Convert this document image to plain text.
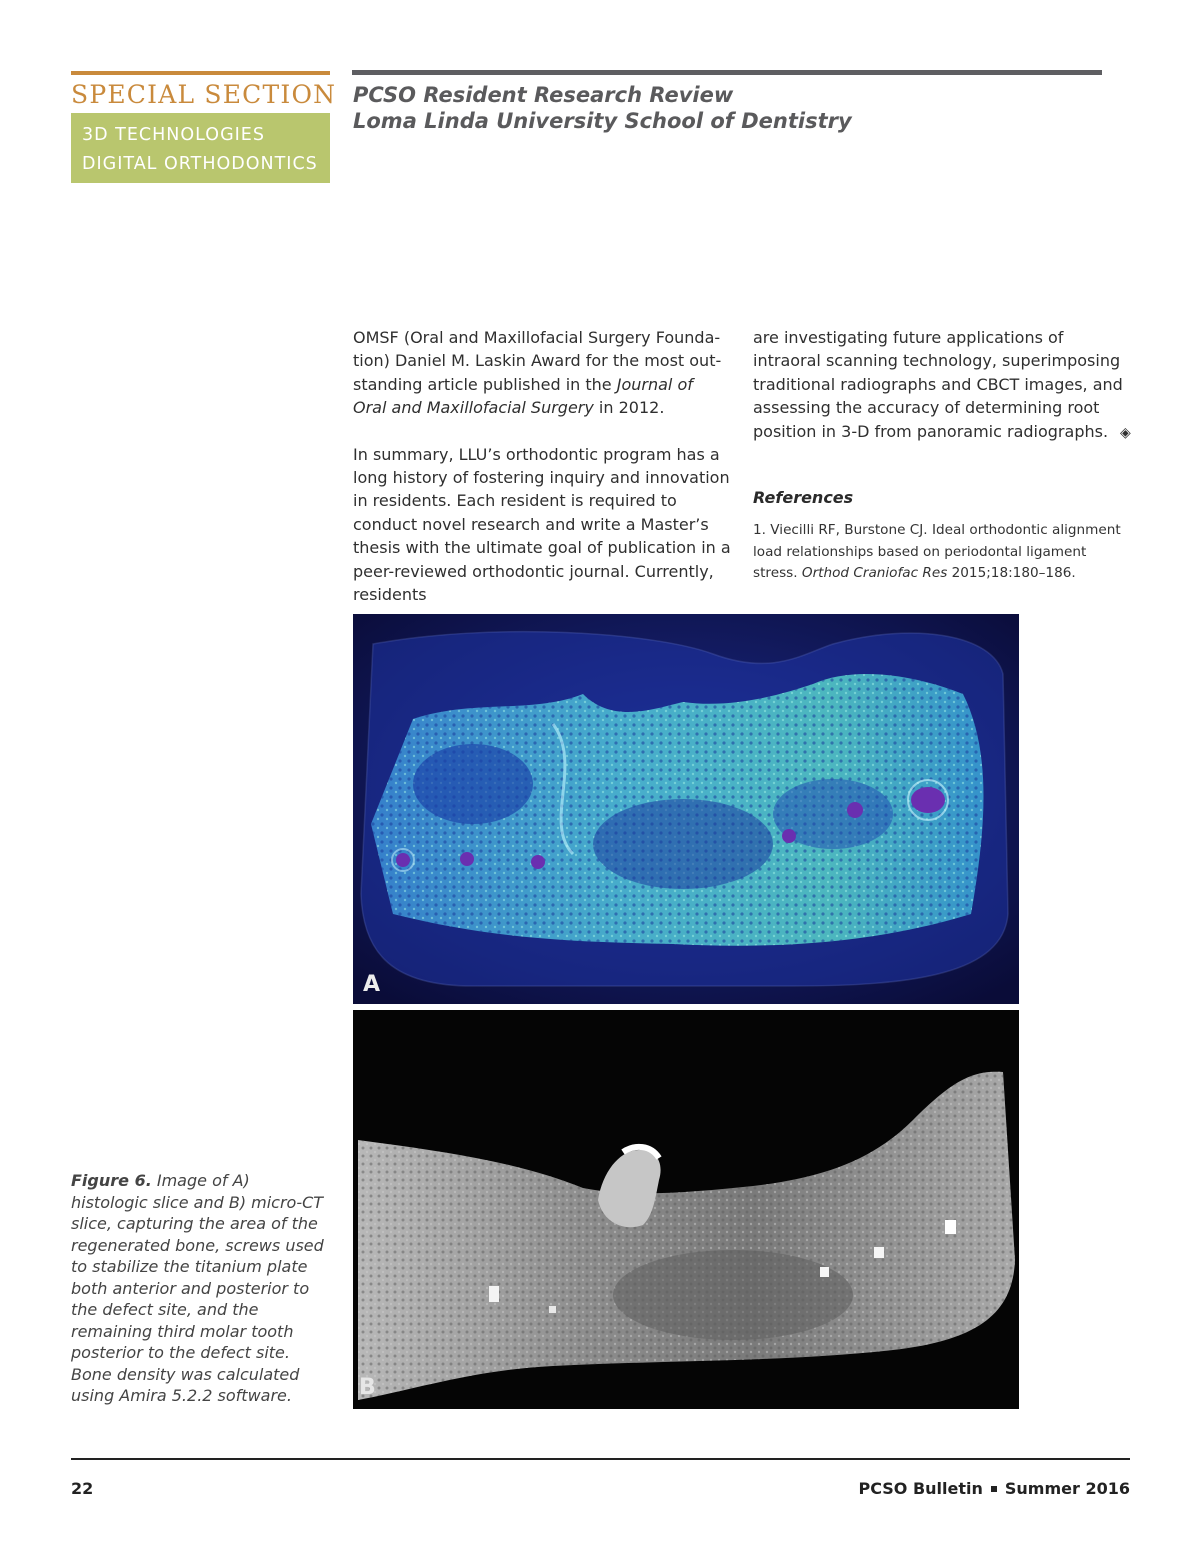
SPECIAL SECTION
3D TECHNOLOGIES
DIGITAL ORTHODONTICS
PCSO Resident Research Review
Loma Linda University School of Dentistry

OMSF (Oral and Maxillofacial Surgery Founda-tion) Daniel M. Laskin Award for the most out-standing article published in the Journal of Oral and Maxillofacial Surgery in 2012.

In summary, LLU’s orthodontic program has a long history of fostering inquiry and innovation in residents. Each resident is required to conduct novel research and write a Master’s thesis with the ultimate goal of publication in a peer-reviewed orthodontic journal. Currently, residents

are investigating future applications of intraoral scanning technology, superimposing traditional radiographs and CBCT images, and assessing the accuracy of determining root position in 3-D from panoramic radiographs. ◈

References
1. Viecilli RF, Burstone CJ. Ideal orthodontic alignment load relationships based on periodontal ligament stress. Orthod Craniofac Res 2015;18:180–186.
A
B
Figure 6. Image of A) histologic slice and B) micro-CT slice, capturing the area of the regenerated bone, screws used to stabilize the titanium plate both anterior and posterior to the defect site, and the remaining third molar tooth posterior to the defect site. Bone density was calculated using Amira 5.2.2 software.
22	PCSO Bulletin Summer 2016
